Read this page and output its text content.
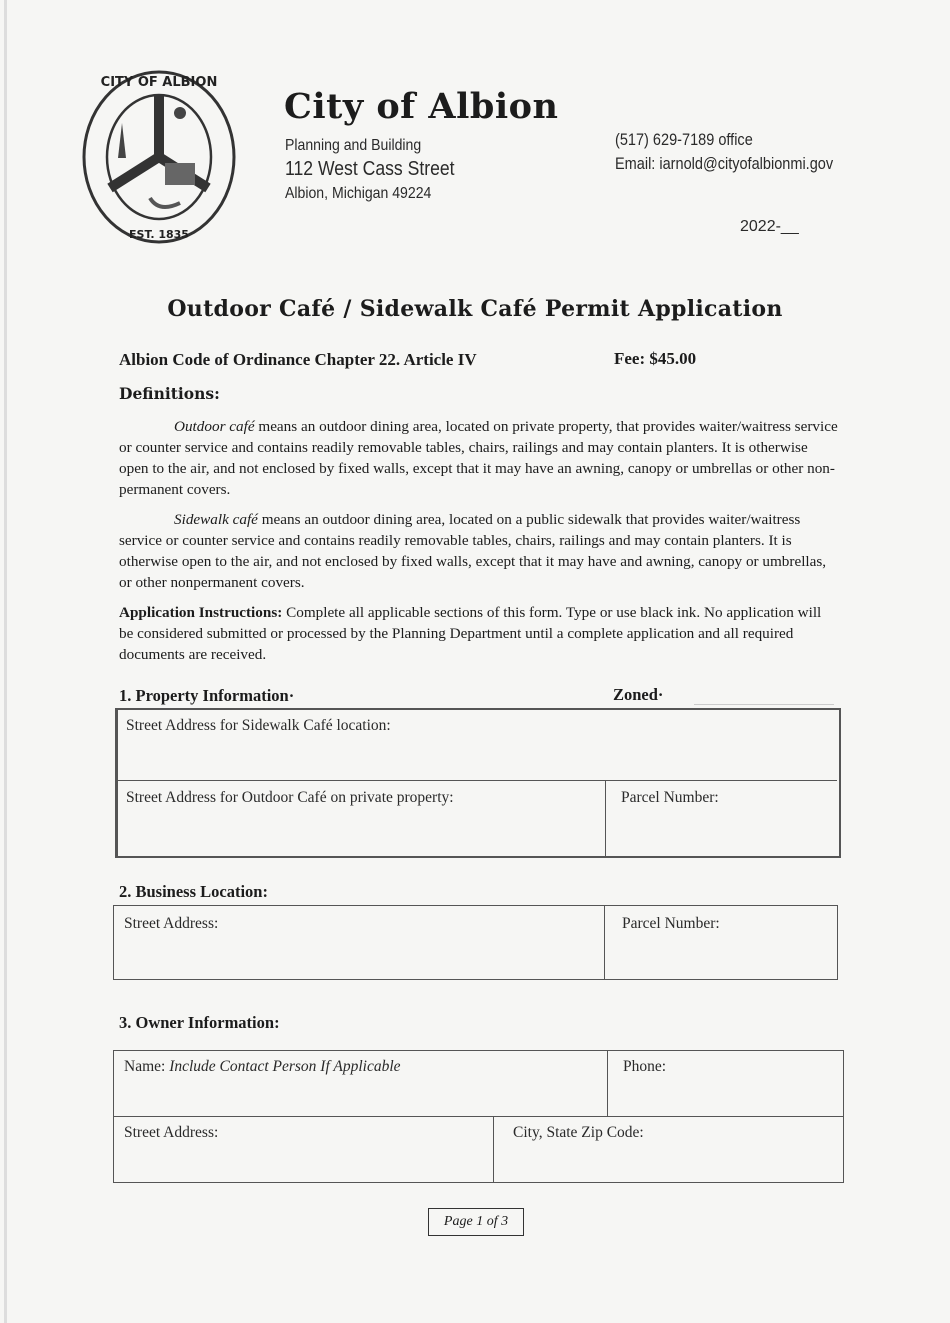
CITY OF ALBION
EST. 1835
City of Albion
Planning and Building
112 West Cass Street
Albion, Michigan 49224
(517) 629-7189 office
Email: iarnold@cityofalbionmi.gov
2022-__
Outdoor Café / Sidewalk Café Permit Application
Albion Code of Ordinance Chapter 22. Article IV	Fee: $45.00
Definitions:
Outdoor café means an outdoor dining area, located on private property, that provides waiter/waitress service or counter service and contains readily removable tables, chairs, railings and may contain planters. It is otherwise open to the air, and not enclosed by fixed walls, except that it may have an awning, canopy or umbrellas or other non-permanent covers.
Sidewalk café means an outdoor dining area, located on a public sidewalk that provides waiter/waitress service or counter service and contains readily removable tables, chairs, railings and may contain planters. It is otherwise open to the air, and not enclosed by fixed walls, except that it may have and awning, canopy or umbrellas, or other nonpermanent covers.
Application Instructions: Complete all applicable sections of this form. Type or use black ink. No application will be considered submitted or processed by the Planning Department until a complete application and all required documents are received.
1. Property Information·	Zoned·
Street Address for Sidewalk Café location:
Street Address for Outdoor Café on private property:	Parcel Number:
2. Business Location:
Street Address:	Parcel Number:
3. Owner Information:
Name: Include Contact Person If Applicable	Phone:
Street Address:	City, State Zip Code:
Page 1 of 3
